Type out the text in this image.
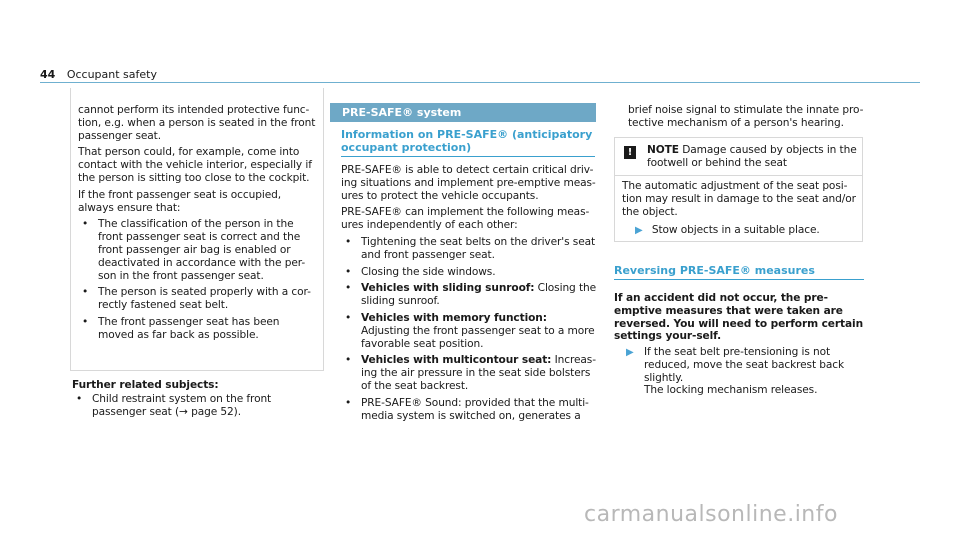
44 Occupant safety

cannot perform its intended protective func-
tion, e.g. when a person is seated in the front
passenger seat.

That person could, for example, come into
contact with the vehicle interior, especially if
the person is sitting too close to the cockpit.

If the front passenger seat is occupied,
always ensure that:

• The classification of the person in the front passenger seat is correct and the front passenger air bag is enabled or deactivated in accordance with the per-son in the front passenger seat.
• The person is seated properly with a cor-rectly fastened seat belt.
• The front passenger seat has been moved as far back as possible.

Further related subjects:

• Child restraint system on the front passenger seat (→ page 52).
PRE-SAFE® system
Information on PRE-SAFE® (anticipatory
occupant protection)

PRE-SAFE® is able to detect certain critical driv-ing situations and implement pre-emptive meas-ures to protect the vehicle occupants.

PRE-SAFE® can implement the following meas-ures independently of each other:

• Tightening the seat belts on the driver's seat and front passenger seat.
• Closing the side windows.
• Vehicles with sliding sunroof: Closing the sliding sunroof.
• Vehicles with memory function: Adjusting the front passenger seat to a more favorable seat position.
• Vehicles with multicontour seat: Increas-ing the air pressure in the seat side bolsters of the seat backrest.
• PRE-SAFE® Sound: provided that the multi-media system is switched on, generates a
brief noise signal to stimulate the innate pro-tective mechanism of a person's hearing.
!	NOTE Damage caused by objects in the footwell or behind the seat
The automatic adjustment of the seat posi-tion may result in damage to the seat and/or the object.
▶ Stow objects in a suitable place.
Reversing PRE-SAFE® measures
If an accident did not occur, the pre-emptive measures that were taken are reversed. You will need to perform certain settings your-self.
▶ If the seat belt pre-tensioning is not reduced, move the seat backrest back slightly.

The locking mechanism releases.

carmanualsonline.info
